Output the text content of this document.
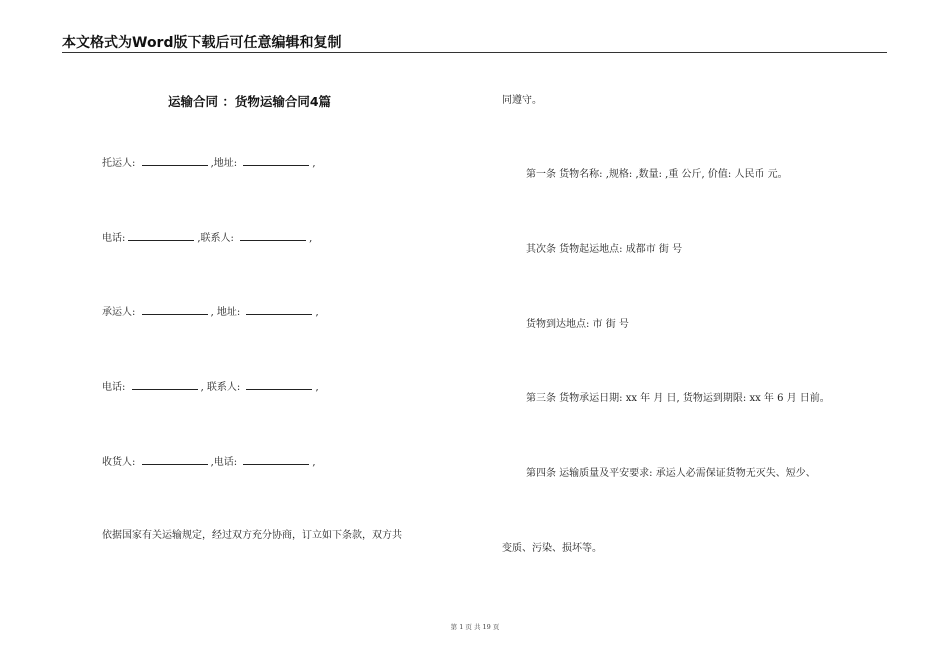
本文格式为Word版下载后可任意编辑和复制
运输合同 ：货物运输合同4篇
托运人:	,地址:	,
电话:	,联系人:	,
承运人:	, 地址:	,
电话:	, 联系人:	,
收货人:	,电话:	,
依据国家有关运输规定，经过双方充分协商，订立如下条款，双方共
同遵守。
第一条 货物名称: ,规格: ,数量: ,重 公斤, 价值: 人民币 元。
其次条 货物起运地点: 成都市 街 号
货物到达地点: 市 街 号
第三条 货物承运日期: xx 年 月 日, 货物运到期限: xx 年 6 月 日前。
第四条 运输质量及平安要求: 承运人必需保证货物无灭失、短少、
变质、污染、损坏等。
第 1 页 共 19 页
